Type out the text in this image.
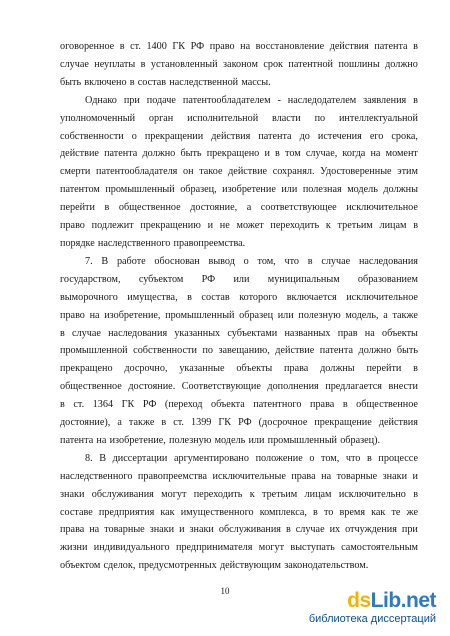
оговоренное в ст. 1400 ГК РФ право на восстановление действия патента в
случае неуплаты в установленный законом срок патентной пошлины должно
быть включено в состав наследственной массы.
Однако при подаче патентообладателем - наследодателем заявления в
уполномоченный орган исполнительной власти по интеллектуальной
собственности о прекращении действия патента до истечения его срока,
действие патента должно быть прекращено и в том случае, когда на момент
смерти патентообладателя он такое действие сохранял. Удостоверенные этим
патентом промышленный образец, изобретение или полезная модель должны
перейти в общественное достояние, а соответствующее исключительное
право подлежит прекращению и не может переходить к третьим лицам в
порядке наследственного правопреемства.
7. В работе обоснован вывод о том, что в случае наследования
государством, субъектом РФ или муниципальным образованием
выморочного имущества, в состав которого включается исключительное
право на изобретение, промышленный образец или полезную модель, а также
в случае наследования указанных субъектами названных прав на объекты
промышленной собственности по завещанию, действие патента должно быть
прекращено досрочно, указанные объекты права должны перейти в
общественное достояние. Соответствующие дополнения предлагается внести
в ст. 1364 ГК РФ (переход объекта патентного права в общественное
достояние), а также в ст. 1399 ГК РФ (досрочное прекращение действия
патента на изобретение, полезную модель или промышленный образец).
8. В диссертации аргументировано положение о том, что в процессе
наследственного правопреемства исключительные права на товарные знаки и
знаки обслуживания могут переходить к третьим лицам исключительно в
составе предприятия как имущественного комплекса, в то время как те же
права на товарные знаки и знаки обслуживания в случае их отчуждения при
жизни индивидуального предпринимателя могут выступать самостоятельным
объектом сделок, предусмотренных действующим законодательством.
10	dsLib.net
библиотека диссертаций
